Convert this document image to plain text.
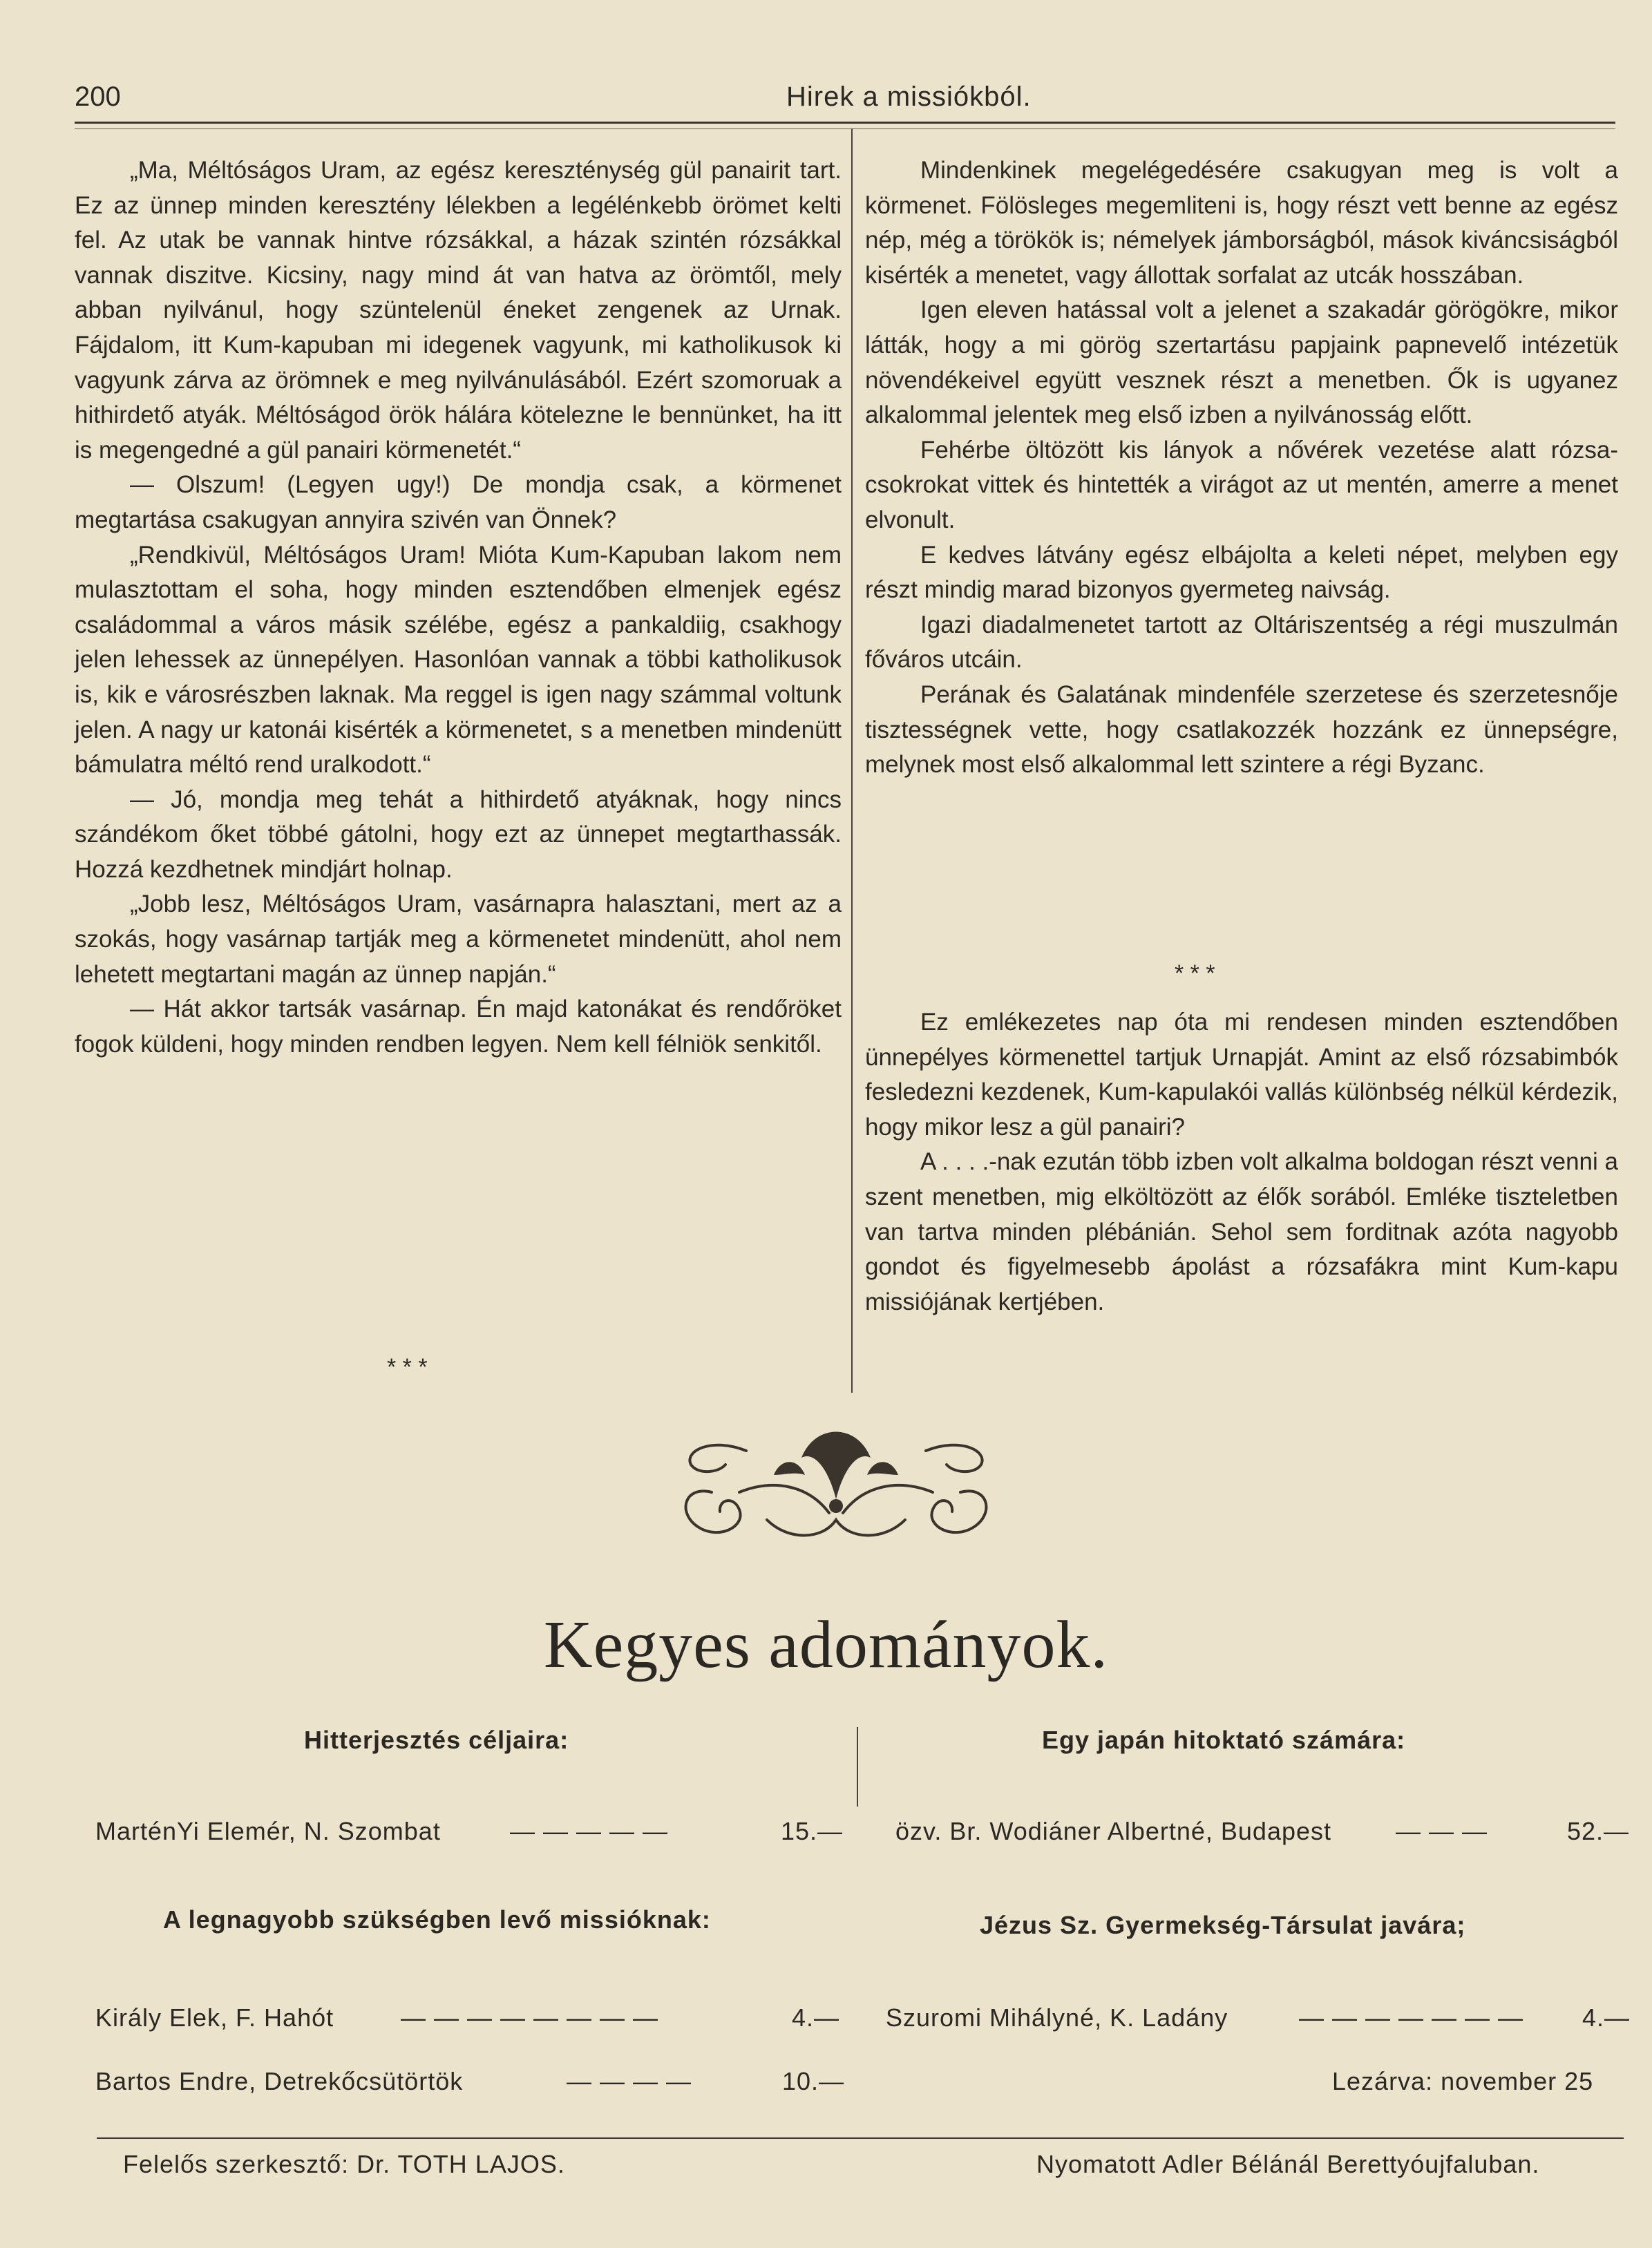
200	Hirek a missiókból.

„Ma, Méltóságos Uram, az egész kereszténység gül panairit tart. Ez az ünnep minden keresztény lélekben a legélénkebb örömet kelti fel. Az utak be vannak hintve rózsákkal, a házak szintén rózsákkal vannak diszitve. Kicsiny, nagy mind át van hatva az örömtől, mely abban nyilvánul, hogy szüntelenül éneket zengenek az Urnak. Fájdalom, itt Kum-kapuban mi idegenek vagyunk, mi katholikusok ki vagyunk zárva az örömnek e meg nyilvánulásából. Ezért szomoruak a hithirdető atyák. Méltóságod örök hálára kötelezne le bennünket, ha itt is megengedné a gül panairi körmenetét.“

— Olszum! (Legyen ugy!) De mondja csak, a körmenet megtartása csakugyan annyira szivén van Önnek?

„Rendkivül, Méltóságos Uram! Mióta Kum-Kapuban lakom nem mulasztottam el soha, hogy minden esztendőben elmenjek egész családommal a város másik szélébe, egész a pankaldiig, csakhogy jelen lehessek az ünnepélyen. Hasonlóan vannak a többi katholikusok is, kik e városrészben laknak. Ma reggel is igen nagy számmal voltunk jelen. A nagy ur katonái kisérték a körmenetet, s a menetben mindenütt bámulatra méltó rend uralkodott.“

— Jó, mondja meg tehát a hithirdető atyáknak, hogy nincs szándékom őket többé gátolni, hogy ezt az ünnepet megtarthassák. Hozzá kezdhetnek mindjárt holnap.

„Jobb lesz, Méltóságos Uram, vasárnapra halasztani, mert az a szokás, hogy vasárnap tartják meg a körmenetet mindenütt, ahol nem lehetett megtartani magán az ünnep napján.“

— Hát akkor tartsák vasárnap. Én majd katonákat és rendőröket fogok küldeni, hogy minden rendben legyen. Nem kell félniök senkitől.

* * *

Mindenkinek megelégedésére csakugyan meg is volt a körmenet. Fölösleges megemliteni is, hogy részt vett benne az egész nép, még a törökök is; némelyek jámborságból, mások kiváncsiságból kisérték a menetet, vagy állottak sorfalat az utcák hosszában.

Igen eleven hatással volt a jelenet a szakadár görögökre, mikor látták, hogy a mi görög szertartásu papjaink papnevelő intézetük növendékeivel együtt vesznek részt a menetben. Ők is ugyanez alkalommal jelentek meg első izben a nyilvánosság előtt.

Fehérbe öltözött kis lányok a nővérek vezetése alatt rózsa-csokrokat vittek és hintették a virágot az ut mentén, amerre a menet elvonult.

E kedves látvány egész elbájolta a keleti népet, melyben egy részt mindig marad bizonyos gyermeteg naivság.

Igazi diadalmenetet tartott az Oltáriszentség a régi muszulmán főváros utcáin.

Perának és Galatának mindenféle szerzetese és szerzetesnője tisztességnek vette, hogy csatlakozzék hozzánk ez ünnepségre, melynek most első alkalommal lett szintere a régi Byzanc.

* * *

Ez emlékezetes nap óta mi rendesen minden esztendőben ünnepélyes körmenettel tartjuk Urnapját. Amint az első rózsabimbók fesledezni kezdenek, Kum-kapulakói vallás különbség nélkül kérdezik, hogy mikor lesz a gül panairi?

A . . . .-nak ezután több izben volt alkalma boldogan részt venni a szent menetben, mig elköltözött az élők sorából. Emléke tiszteletben van tartva minden plébánián. Sehol sem forditnak azóta nagyobb gondot és figyelmesebb ápolást a rózsafákra mint Kum-kapu missiójának kertjében.

Kegyes adományok.
Hitterjesztés céljaira:
MarténYi Elemér, N. Szombat	— — — — —	15.—
A legnagyobb szükségben levő missióknak:
Király Elek, F. Hahót	— — — — — — — —	4.—
Bartos Endre, Detrekőcsütörtök	— — — —	10.—
Egy japán hitoktató számára:
özv. Br. Wodiáner Albertné, Budapest	— — —	52.—
Jézus Sz. Gyermekség-Társulat javára;
Szuromi Mihályné, K. Ladány	— — — — — — — 4.—
Lezárva: november 25
Felelős szerkesztő: Dr. TOTH LAJOS.	Nyomatott Adler Bélánál Berettyóujfaluban.
